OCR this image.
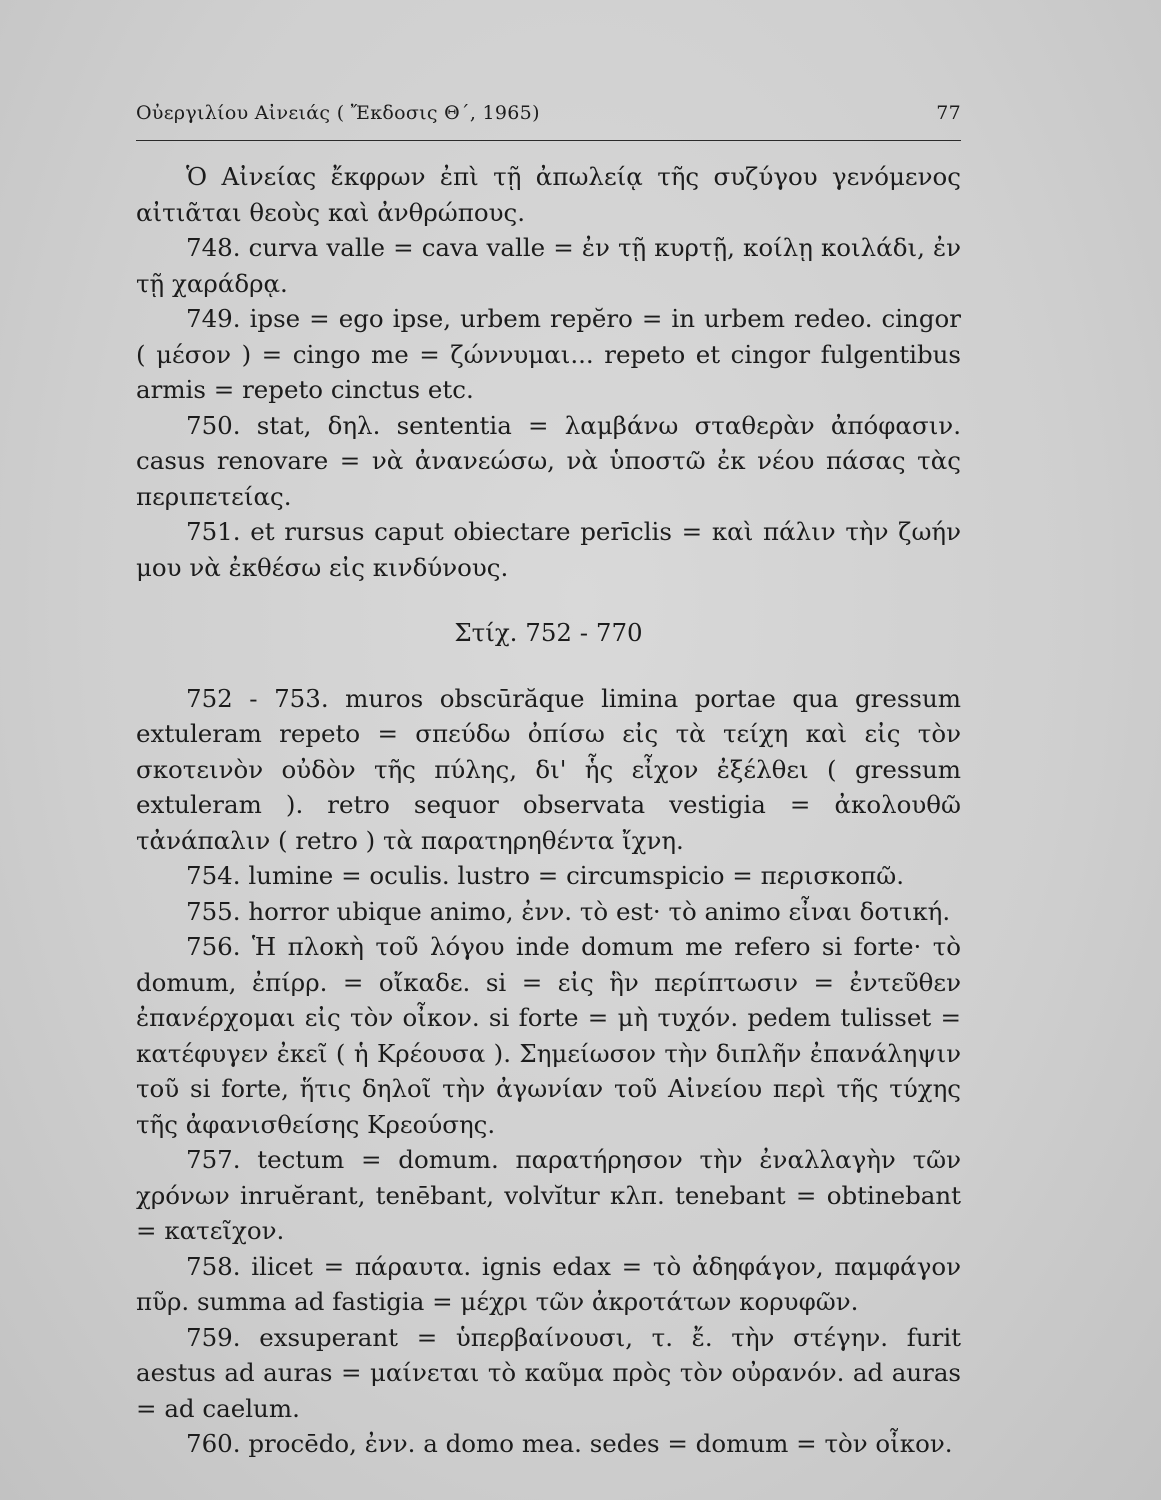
Οὐεργιλίου Αἰνειάς ( Ἔκδοσις Θ΄, 1965)	77

Ὁ Αἰνείας ἔκφρων ἐπὶ τῇ ἀπωλείᾳ τῆς συζύγου γενόμενος αἰτιᾶται θεοὺς καὶ ἀνθρώπους.

748. curva valle = cava valle = ἐν τῇ κυρτῇ, κοίλῃ κοιλάδι, ἐν τῇ χαράδρᾳ.

749. ipse = ego ipse, urbem repĕro = in urbem redeo. cingor ( μέσον ) = cingo me = ζώννυμαι... repeto et cingor fulgentibus armis = repeto cinctus etc.

750. stat, δηλ. sententia = λαμβάνω σταθερὰν ἀπόφασιν. casus renovare = νὰ ἀνανεώσω, νὰ ὑποστῶ ἐκ νέου πάσας τὰς περιπετείας.

751. et rursus caput obiectare perīclis = καὶ πάλιν τὴν ζωήν μου νὰ ἐκθέσω εἰς κινδύνους.

Στίχ. 752 - 770

752 - 753. muros obscūrăque limina portae qua gressum extuleram repeto = σπεύδω ὀπίσω εἰς τὰ τείχη καὶ εἰς τὸν σκοτεινὸν οὐδὸν τῆς πύλης, δι' ἧς εἶχον ἐξέλθει ( gressum extuleram ). retro sequor observata vestigia = ἀκολουθῶ τἀνάπαλιν ( retro ) τὰ παρατηρηθέντα ἴχνη.

754. lumine = oculis. lustro = circumspicio = περισκοπῶ.

755. horror ubique animo, ἐνν. τὸ est· τὸ animo εἶναι δοτική.

756. Ἡ πλοκὴ τοῦ λόγου inde domum me refero si forte· τὸ domum, ἐπίρρ. = οἴκαδε. si = εἰς ἣν περίπτωσιν = ἐντεῦθεν ἐπανέρχομαι εἰς τὸν οἶκον. si forte = μὴ τυχόν. pedem tulisset = κατέφυγεν ἐκεῖ ( ἡ Κρέουσα ). Σημείωσον τὴν διπλῆν ἐπανάληψιν τοῦ si forte, ἥτις δηλοῖ τὴν ἀγωνίαν τοῦ Αἰνείου περὶ τῆς τύχης τῆς ἀφανισθείσης Κρεούσης.

757. tectum = domum. παρατήρησον τὴν ἐναλλαγὴν τῶν χρόνων inruĕrant, tenēbant, volvĭtur κλπ. tenebant = obtinebant = κατεῖχον.

758. ilicet = πάραυτα. ignis edax = τὸ ἀδηφάγον, παμφάγον πῦρ. summa ad fastigia = μέχρι τῶν ἀκροτάτων κορυφῶν.

759. exsuperant = ὑπερβαίνουσι, τ. ἔ. τὴν στέγην. furit aestus ad auras = μαίνεται τὸ καῦμα πρὸς τὸν οὐρανόν. ad auras = ad caelum.

760. procēdo, ἐνν. a domo mea. sedes = domum = τὸν οἶκον.
